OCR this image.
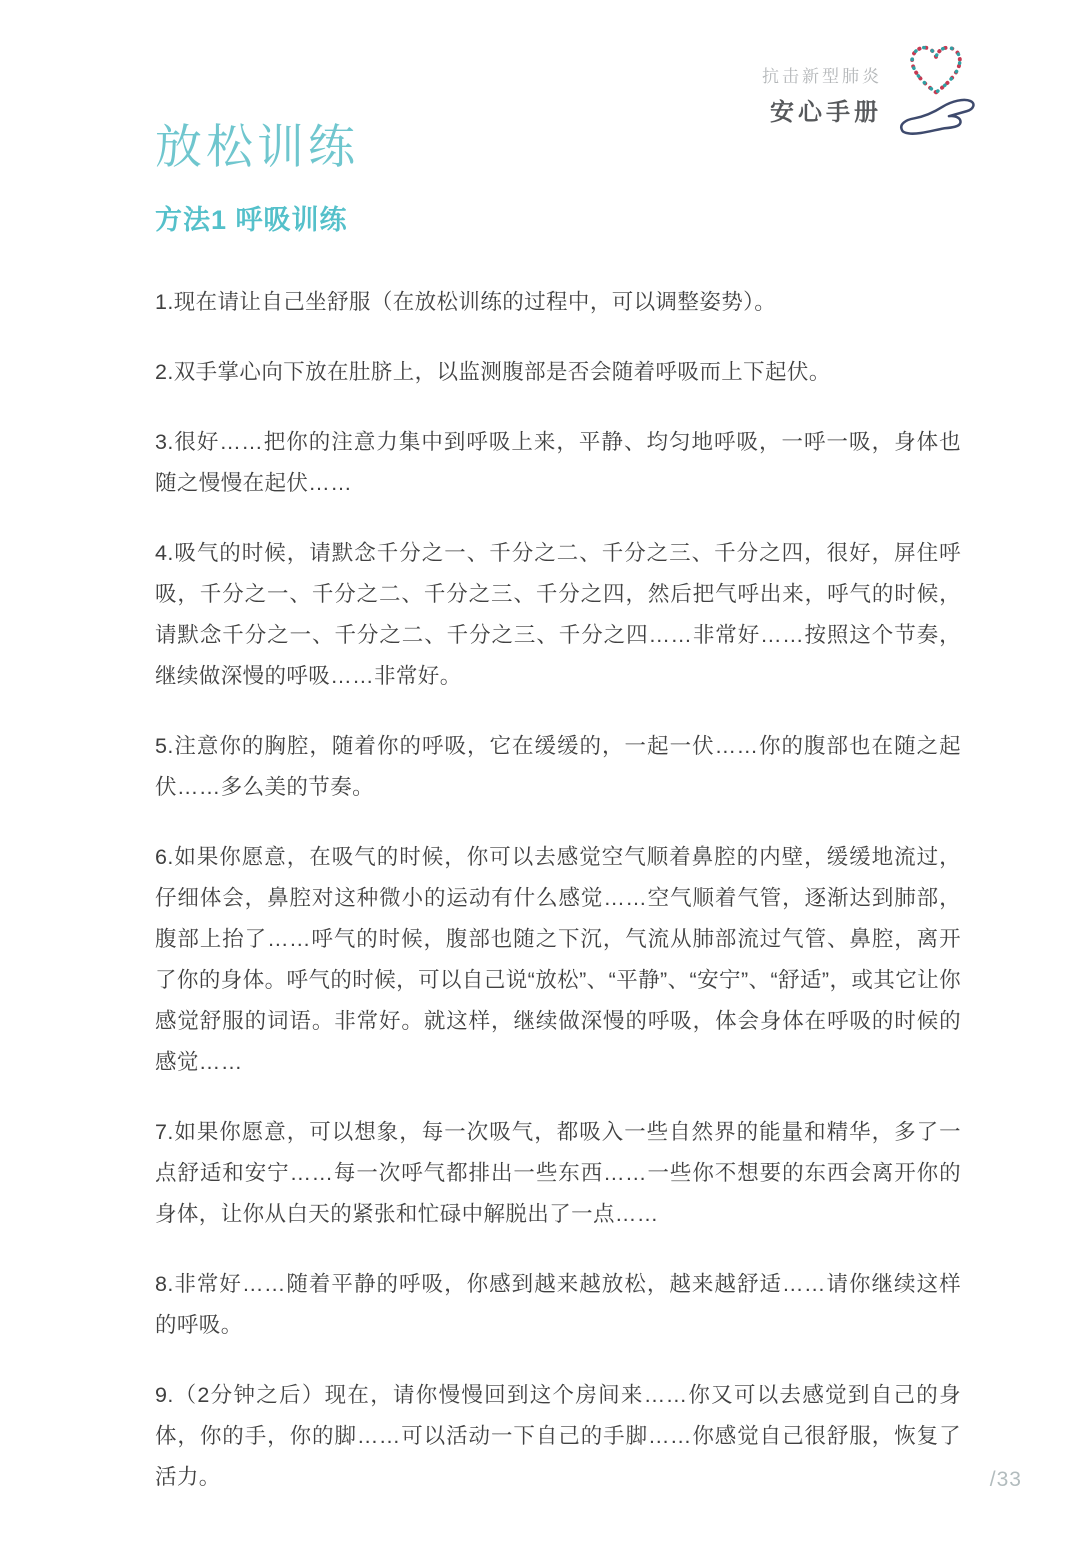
抗击新型肺炎
安心手册
放松训练
方法1 呼吸训练

1.现在请让自己坐舒服（在放松训练的过程中，可以调整姿势）。

2.双手掌心向下放在肚脐上，以监测腹部是否会随着呼吸而上下起伏。

3.很好……把你的注意力集中到呼吸上来，平静、均匀地呼吸，一呼一吸，身体也随之慢慢在起伏……

4.吸气的时候，请默念千分之一、千分之二、千分之三、千分之四，很好，屏住呼吸，千分之一、千分之二、千分之三、千分之四，然后把气呼出来，呼气的时候，请默念千分之一、千分之二、千分之三、千分之四……非常好……按照这个节奏，继续做深慢的呼吸……非常好。

5.注意你的胸腔，随着你的呼吸，它在缓缓的，一起一伏……你的腹部也在随之起伏……多么美的节奏。

6.如果你愿意，在吸气的时候，你可以去感觉空气顺着鼻腔的内壁，缓缓地流过，仔细体会，鼻腔对这种微小的运动有什么感觉……空气顺着气管，逐渐达到肺部，腹部上抬了……呼气的时候，腹部也随之下沉，气流从肺部流过气管、鼻腔，离开了你的身体。呼气的时候，可以自己说“放松”、“平静”、“安宁”、“舒适”，或其它让你感觉舒服的词语。非常好。就这样，继续做深慢的呼吸，体会身体在呼吸的时候的感觉……

7.如果你愿意，可以想象，每一次吸气，都吸入一些自然界的能量和精华，多了一点舒适和安宁……每一次呼气都排出一些东西……一些你不想要的东西会离开你的身体，让你从白天的紧张和忙碌中解脱出了一点……

8.非常好……随着平静的呼吸，你感到越来越放松，越来越舒适……请你继续这样的呼吸。

9.（2分钟之后）现在，请你慢慢回到这个房间来……你又可以去感觉到自己的身体，你的手，你的脚……可以活动一下自己的手脚……你感觉自己很舒服，恢复了活力。	/33
